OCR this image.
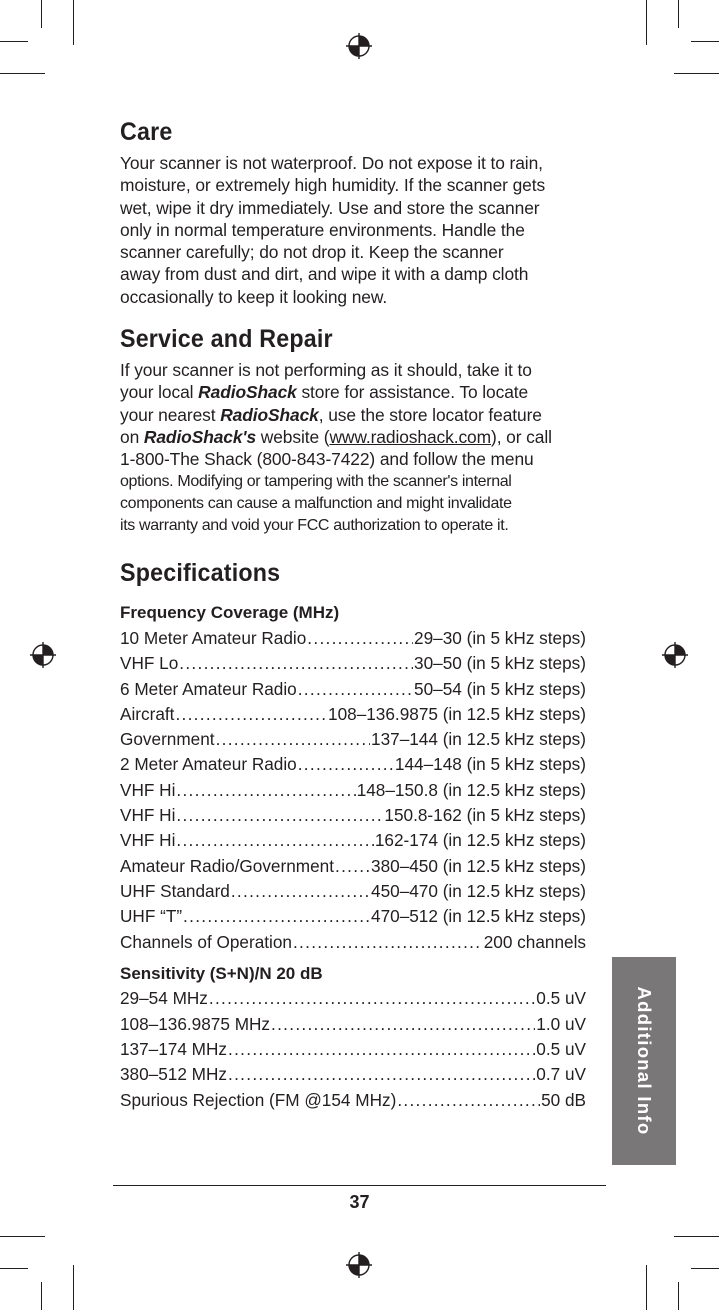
Care

Your scanner is not waterproof. Do not expose it to rain,
moisture, or extremely high humidity. If the scanner gets
wet, wipe it dry immediately. Use and store the scanner
only in normal temperature environments. Handle the
scanner carefully; do not drop it. Keep the scanner
away from dust and dirt, and wipe it with a damp cloth
occasionally to keep it looking new.

Service and Repair

If your scanner is not performing as it should, take it to
your local RadioShack store for assistance. To locate
your nearest RadioShack, use the store locator feature
on RadioShack's website (www.radioshack.com), or call
1-800-The Shack (800-843-7422) and follow the menu

options. Modifying or tampering with the scanner's internal
components can cause a malfunction and might invalidate
its warranty and void your FCC authorization to operate it.

Specifications
Frequency Coverage (MHz)
10 Meter Amateur Radio .....	29–30 (in 5 kHz steps)
VHF Lo .....	30–50 (in 5 kHz steps)
6 Meter Amateur Radio .....	50–54 (in 5 kHz steps)
Aircraft .....	108–136.9875 (in 12.5 kHz steps)
Government .....	137–144 (in 12.5 kHz steps)
2 Meter Amateur Radio .....	144–148 (in 5 kHz steps)
VHF Hi .....	148–150.8 (in 12.5 kHz steps)
VHF Hi .....	150.8-162 (in 5 kHz steps)
VHF Hi .....	162-174 (in 12.5 kHz steps)
Amateur Radio/Government ..... 380–450 (in 12.5 kHz steps)
UHF Standard .....	450–470 (in 12.5 kHz steps)
UHF “T” .....	470–512 (in 12.5 kHz steps)
Channels of Operation .....	200 channels
Sensitivity (S+N)/N 20 dB
29–54 MHz .....	0.5 uV
108–136.9875 MHz .....	1.0 uV
137–174 MHz .....	0.5 uV
380–512 MHz .....	0.7 uV
Spurious Rejection (FM @154 MHz) .....	50 dB	Additional Info
37
